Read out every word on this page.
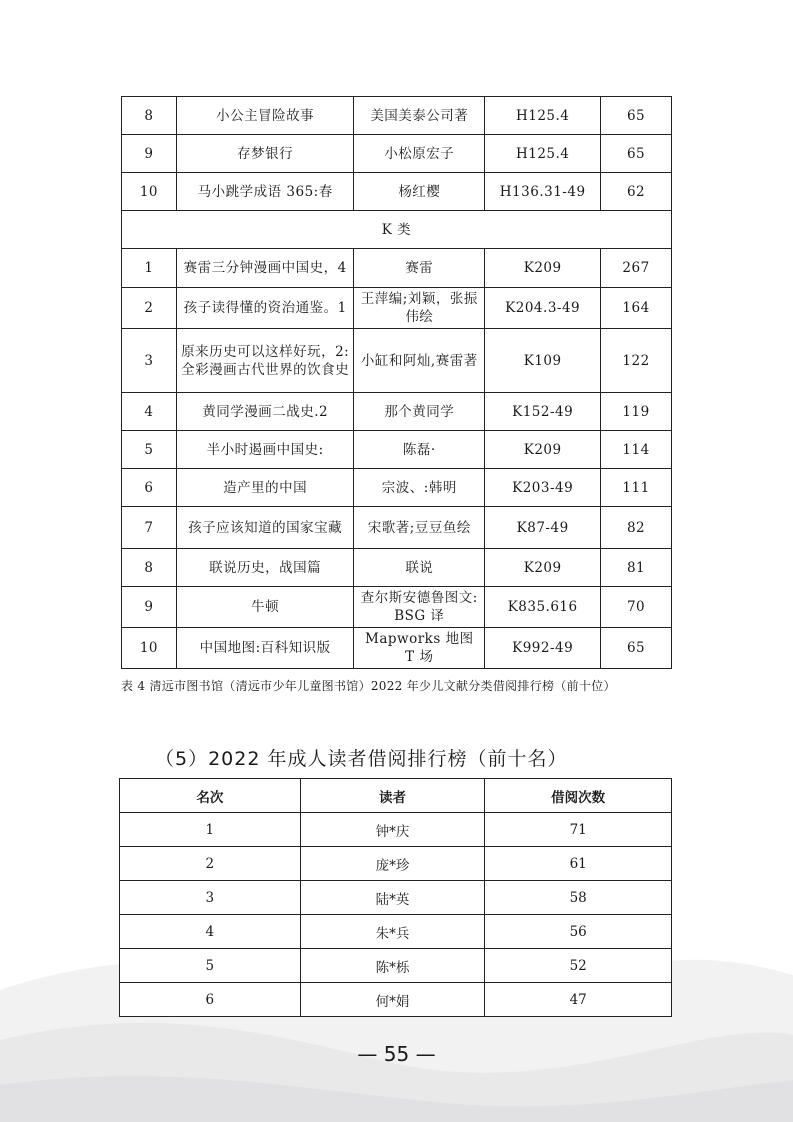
8	小公主冒险故事	美国美泰公司著	H125.4	65
9	存梦银行	小松原宏子	H125.4	65
10	马小跳学成语 365:春	杨红樱	H136.31-49	62
K 类				
1	赛雷三分钟漫画中国史，4	赛雷	K209	267
2	孩子读得懂的资治通鉴。1	王萍编;刘颖，张振伟绘	K204.3-49	164
3	原来历史可以这样好玩，2:全彩漫画古代世界的饮食史	小缸和阿灿,赛雷著	K109	122
4	黄同学漫画二战史.2	那个黄同学	K152-49	119
5	半小时遏画中国史:	陈磊·	K209	114
6	造产里的中国	宗波、:韩明	K203-49	111
7	孩子应该知道的国家宝藏	宋歌著;豆豆鱼绘	K87-49	82
8	联说历史，战国篇	联说	K209	81
9	牛顿	查尔斯安德鲁图文: BSG 译	K835.616	70
10	中国地图:百科知识版	Mapworks 地图 T 场	K992-49	65
表 4 清远市图书馆（清远市少年儿童图书馆）2022 年少儿文献分类借阅排行榜（前十位）
（5）2022 年成人读者借阅排行榜（前十名）
名次	读者	借阅次数
1	钟*庆	71
2	庞*珍	61
3	陆*英	58
4	朱*兵	56
5	陈*栎	52
6	何*娟	47
— 55 —
